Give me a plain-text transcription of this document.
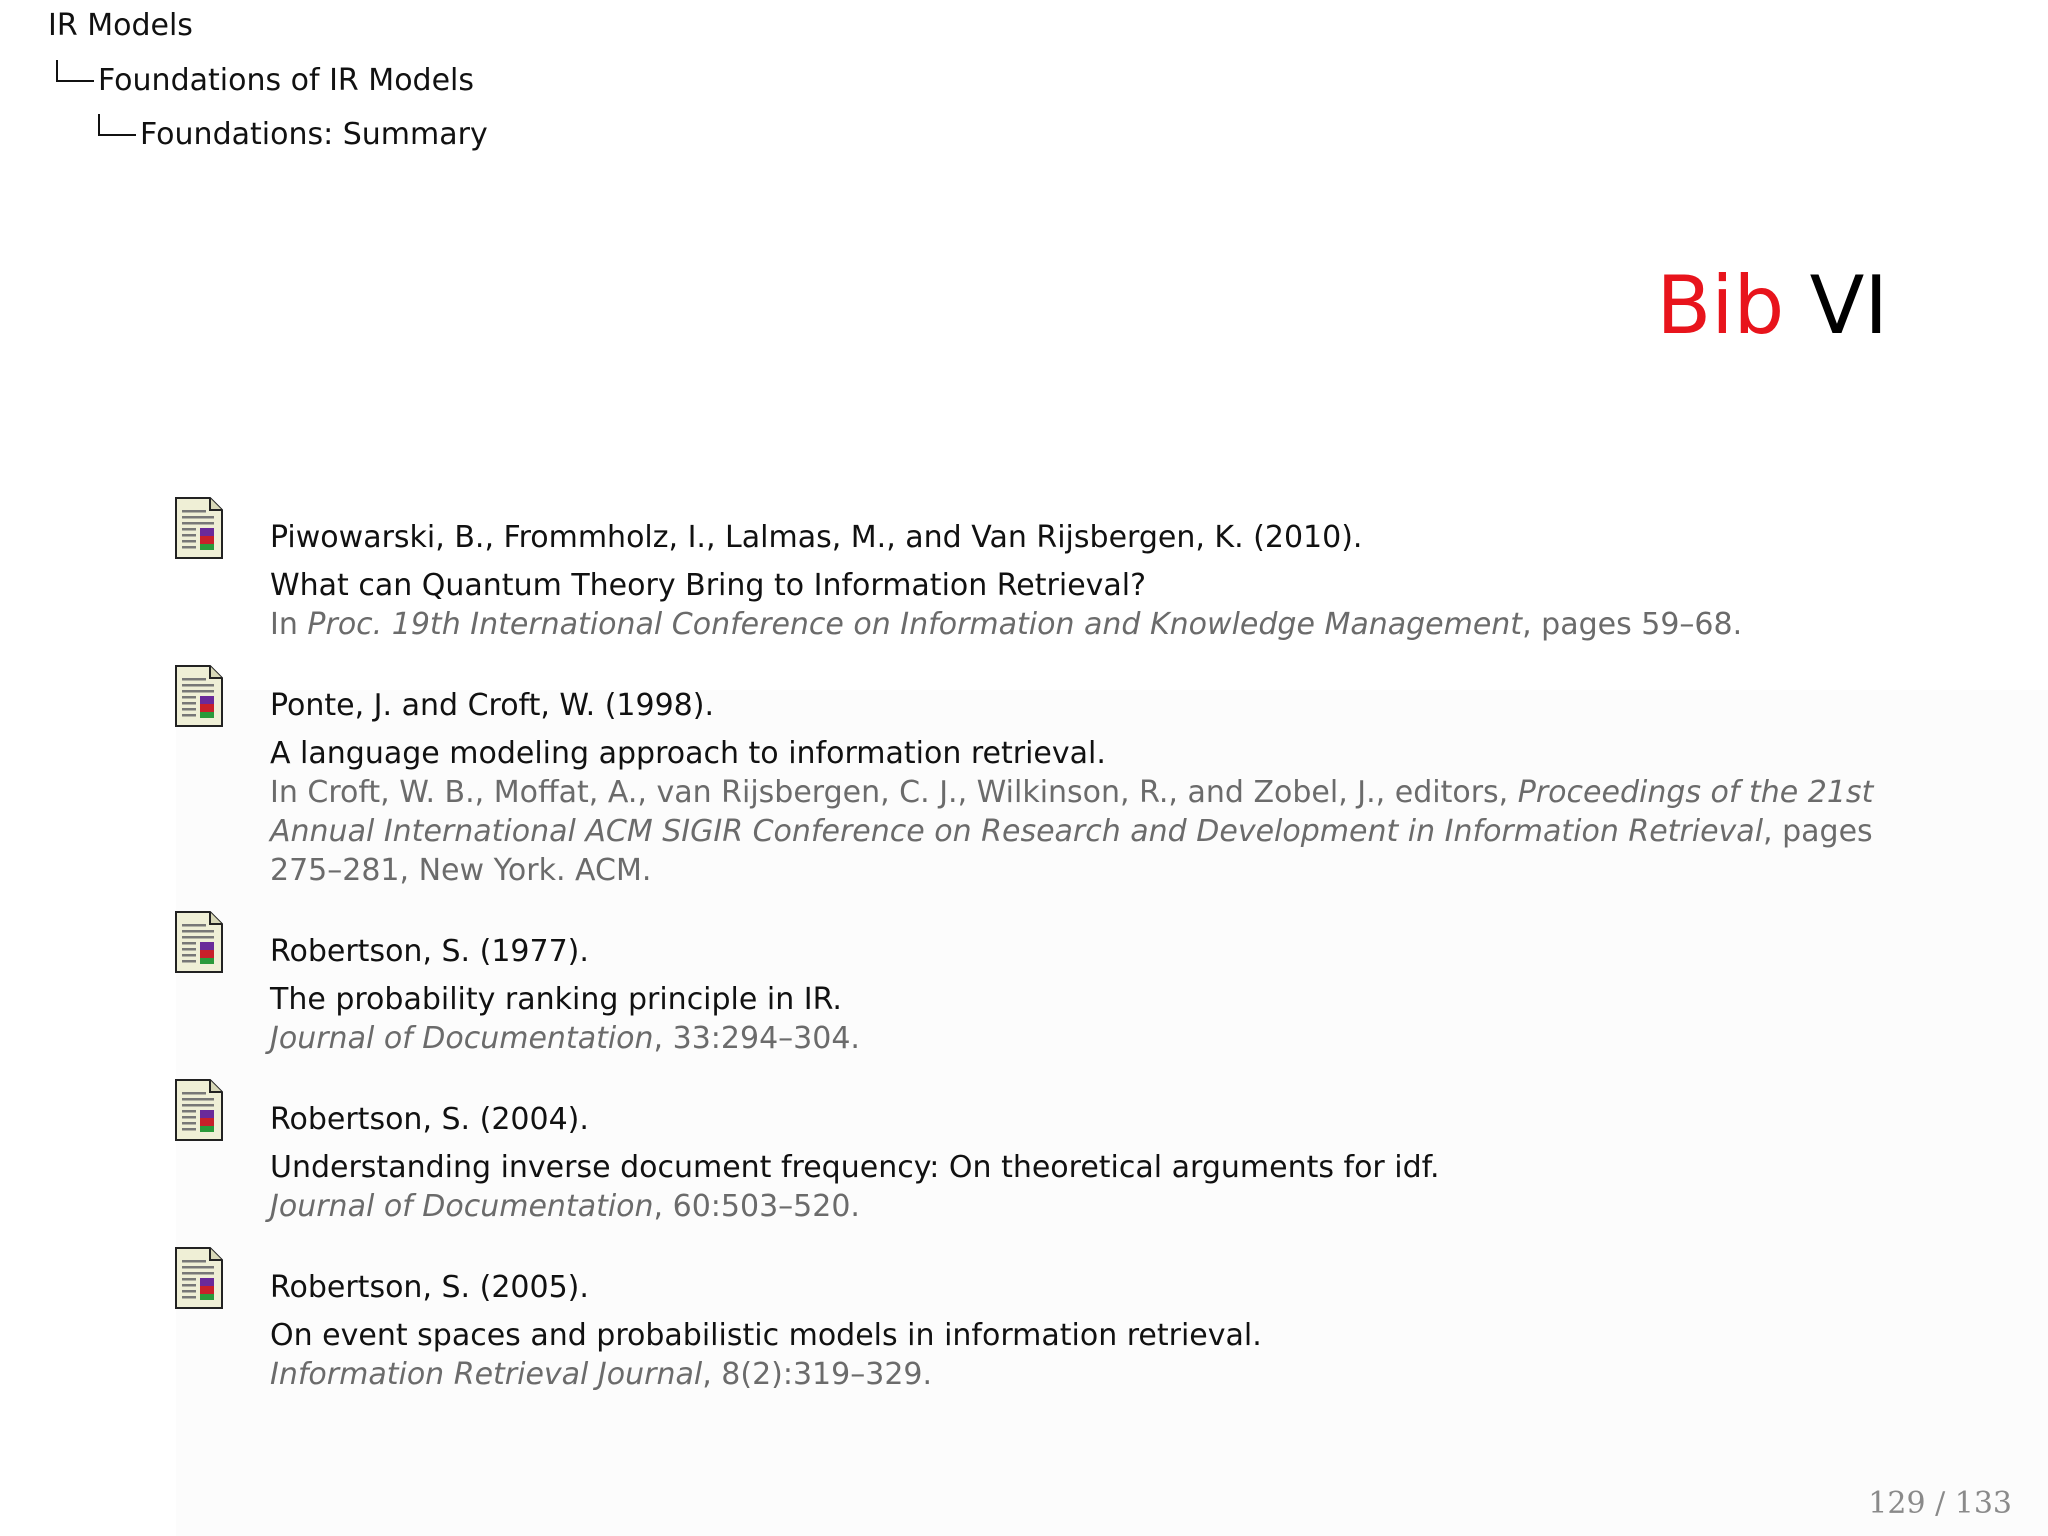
IR Models
Foundations of IR Models
Foundations: Summary
Bib VI
Piwowarski, B., Frommholz, I., Lalmas, M., and Van Rijsbergen, K. (2010).
What can Quantum Theory Bring to Information Retrieval?
In Proc. 19th International Conference on Information and Knowledge Management, pages 59–68.
Ponte, J. and Croft, W. (1998).
A language modeling approach to information retrieval.
In Croft, W. B., Moffat, A., van Rijsbergen, C. J., Wilkinson, R., and Zobel, J., editors, Proceedings of the 21st Annual International ACM SIGIR Conference on Research and Development in Information Retrieval, pages 275–281, New York. ACM.
Robertson, S. (1977).
The probability ranking principle in IR.
Journal of Documentation, 33:294–304.
Robertson, S. (2004).
Understanding inverse document frequency: On theoretical arguments for idf.
Journal of Documentation, 60:503–520.
Robertson, S. (2005).
On event spaces and probabilistic models in information retrieval.
Information Retrieval Journal, 8(2):319–329.
129 / 133
